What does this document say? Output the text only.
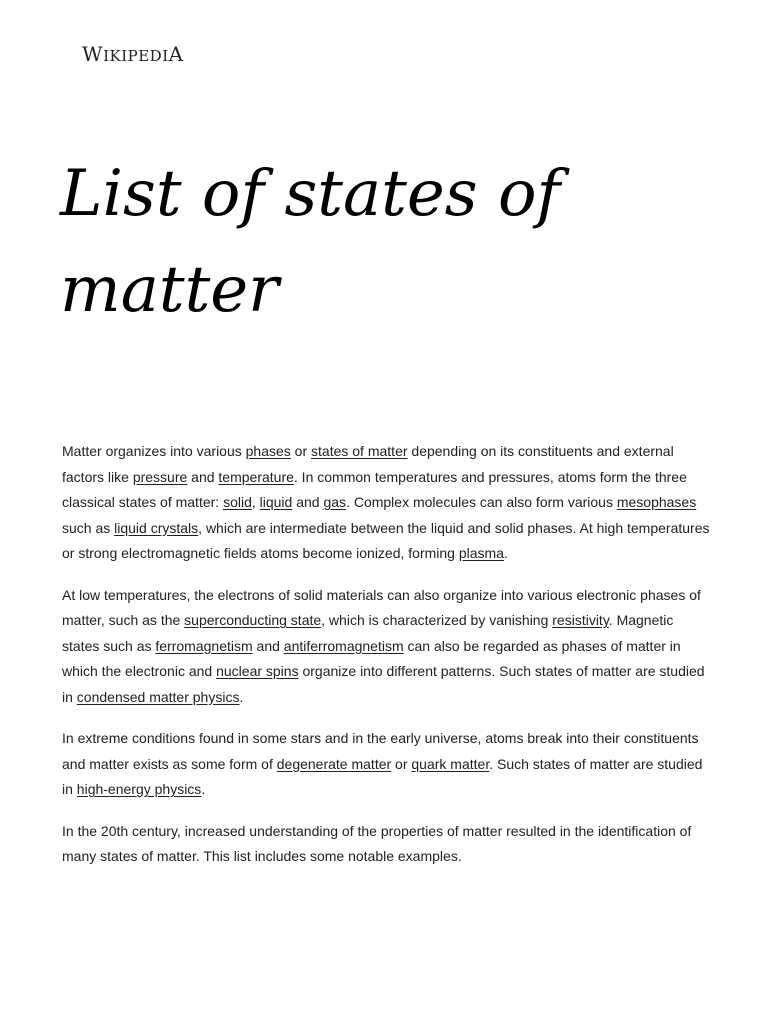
WIKIPEDIA
List of states of matter

Matter organizes into various phases or states of matter depending on its constituents and external factors like pressure and temperature. In common temperatures and pressures, atoms form the three classical states of matter: solid, liquid and gas. Complex molecules can also form various mesophases such as liquid crystals, which are intermediate between the liquid and solid phases. At high temperatures or strong electromagnetic fields atoms become ionized, forming plasma.

At low temperatures, the electrons of solid materials can also organize into various electronic phases of matter, such as the superconducting state, which is characterized by vanishing resistivity. Magnetic states such as ferromagnetism and antiferromagnetism can also be regarded as phases of matter in which the electronic and nuclear spins organize into different patterns. Such states of matter are studied in condensed matter physics.

In extreme conditions found in some stars and in the early universe, atoms break into their constituents and matter exists as some form of degenerate matter or quark matter. Such states of matter are studied in high-energy physics.

In the 20th century, increased understanding of the properties of matter resulted in the identification of many states of matter. This list includes some notable examples.
